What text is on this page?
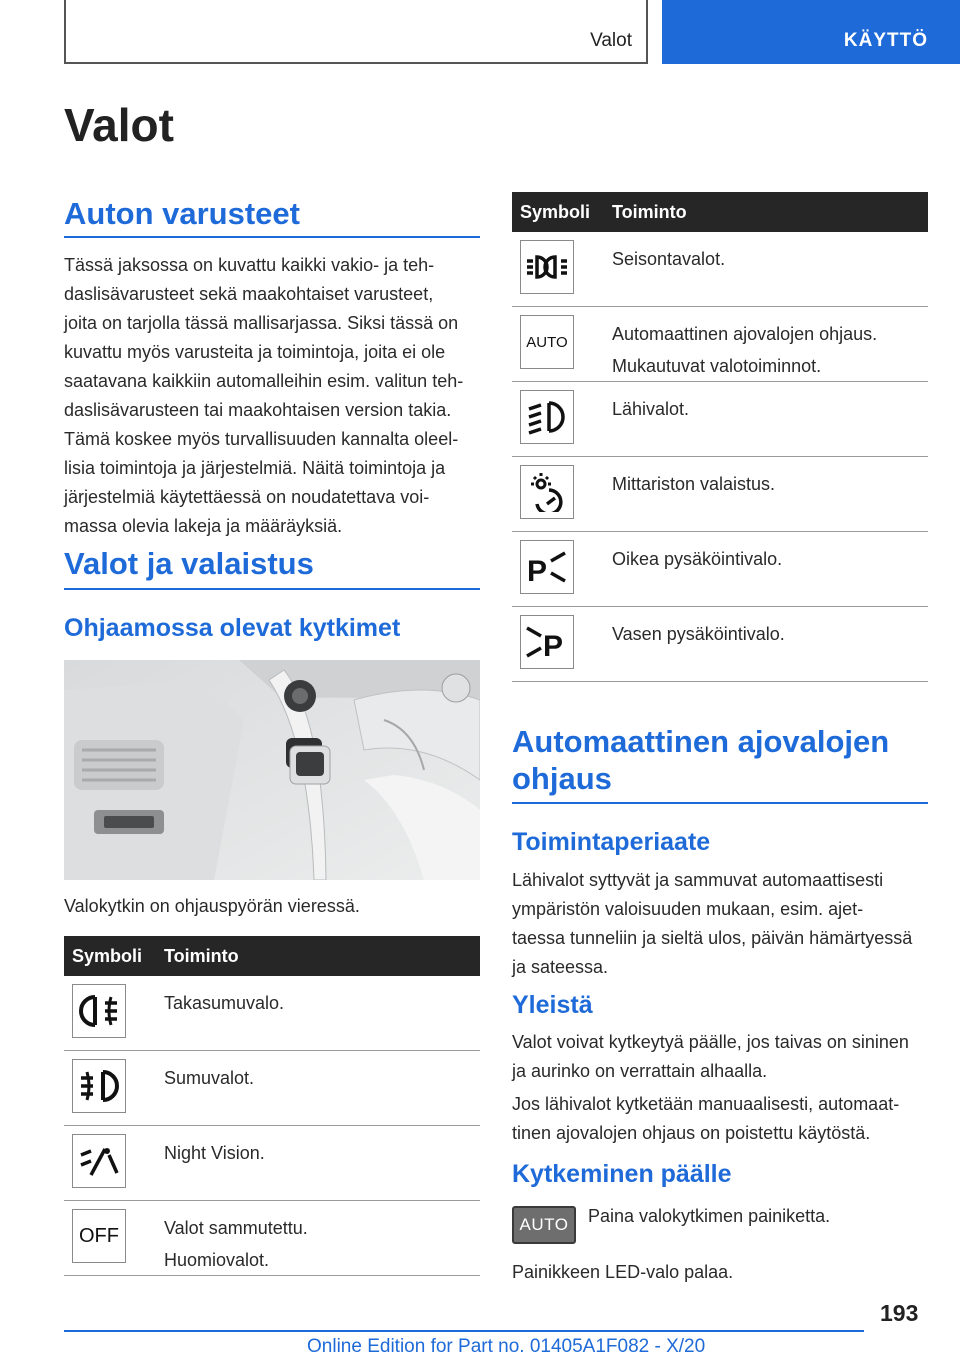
Valot	KÄYTTÖ
Valot
Auton varusteet

Tässä jaksossa on kuvattu kaikki vakio- ja teh-

daslisävarusteet sekä maakohtaiset varusteet,

joita on tarjolla tässä mallisarjassa. Siksi tässä on

kuvattu myös varusteita ja toimintoja, joita ei ole

saatavana kaikkiin automalleihin esim. valitun teh-

daslisävarusteen tai maakohtaisen version takia.

Tämä koskee myös turvallisuuden kannalta oleel-

lisia toimintoja ja järjestelmiä. Näitä toimintoja ja

järjestelmiä käytettäessä on noudatettava voi-

massa olevia lakeja ja määräyksiä.

Valot ja valaistus
Ohjaamossa olevat kytkimet

Valokytkin on ohjauspyörän vieressä.

Symboli	Toiminto
Takasumuvalo.
Sumuvalot.
Night Vision.
OFF	Valot sammutettu.
Huomiovalot.
Symboli	Toiminto
Seisontavalot.
AUTO Automaattinen ajovalojen ohjaus.
Mukautuvat valotoiminnot.
Lähivalot.
Mittariston valaistus.
P	Oikea pysäköintivalo.
P	Vasen pysäköintivalo.
Automaattinen ajovalojen
ohjaus
Toimintaperiaate

Lähivalot syttyvät ja sammuvat automaattisesti

ympäristön valoisuuden mukaan, esim. ajet-

taessa tunneliin ja sieltä ulos, päivän hämärtyessä

ja sateessa.

Yleistä

Valot voivat kytkeytyä päälle, jos taivas on sininen

ja aurinko on verrattain alhaalla.

Jos lähivalot kytketään manuaalisesti, automaat-

tinen ajovalojen ohjaus on poistettu käytöstä.

Kytkeminen päälle
AUTO Paina valokytkimen painiketta.

Painikkeen LED-valo palaa.

193
Online Edition for Part no. 01405A1F082 - X/20
